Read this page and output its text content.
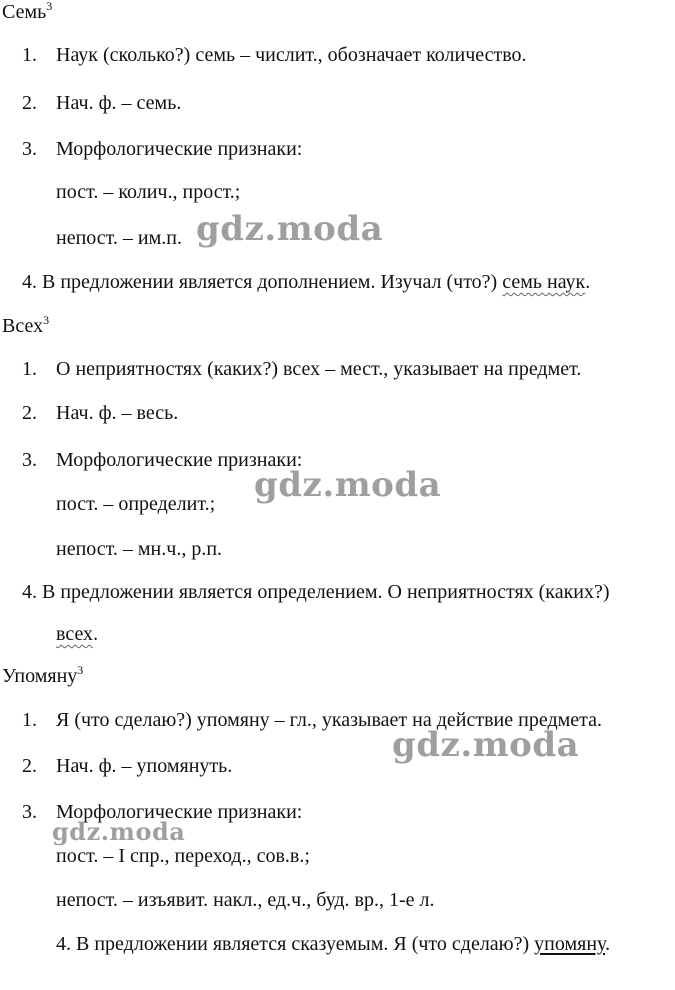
Семь$^3$
1. Наук (сколько?) семь – числит., обозначает количество.
2. Нач. ф. – семь.
3. Морфологические признаки:
пост. – колич., прост.;
непост. – им.п. gdz.moda
4. В предложении является дополнением. Изучал (что?) семь наук.
Всех$^3$
1. О неприятностях (каких?) всех – мест., указывает на предмет.
2. Нач. ф. – весь.
3. Морфологические признаки:
пост. – определит.; gdz.moda
непост. – мн.ч., р.п.
4. В предложении является определением. О неприятностях (каких?)
всех.
Упомяну$^3$
1. Я (что сделаю?) упомяну – гл., указывает на действие предмета.
gdz.moda
2. Нач. ф. – упомянуть.
3. Морфологические признаки:
gdz.moda
пост. – I спр., переход., сов.в.;
непост. – изъявит. накл., ед.ч., буд. вр., 1-е л.
4. В предложении является сказуемым. Я (что сделаю?) упомяну.
